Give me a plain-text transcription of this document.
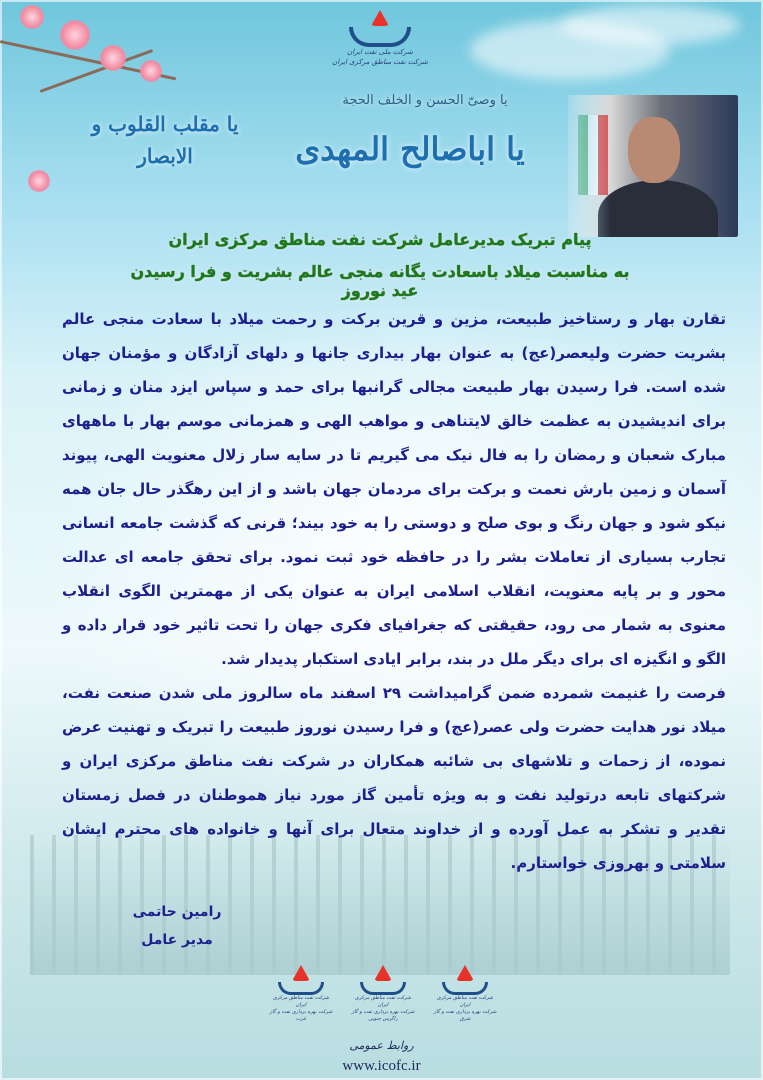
شرکت ملی نفت ایران
شرکت نفت مناطق مرکزی ایران
یا وصیّ الحسن و الخلف الحجة
یا اباصالح المهدی
یا مقلب القلوب و الابصار
پیام تبریک مدیرعامل شرکت نفت مناطق مرکزی ایران
به مناسبت میلاد باسعادت یگانه منجی عالم بشریت و فرا رسیدن عید نوروز

تقارن بهار و رستاخیز طبیعت، مزین و قرین برکت و رحمت میلاد با سعادت منجی عالم بشریت حضرت ولیعصر(عج) به عنوان بهار بیداری جانها و دلهای آزادگان و مؤمنان جهان شده است. فرا رسیدن بهار طبیعت مجالی گرانبها برای حمد و سپاس ایزد منان و زمانی برای اندیشیدن به عظمت خالق لایتناهی و مواهب الهی و همزمانی موسم بهار با ماههای مبارک شعبان و رمضان را به فال نیک می گیریم تا در سایه سار زلال معنویت الهی، پیوند آسمان و زمین بارش نعمت و برکت برای مردمان جهان باشد و از این رهگذر حال جان همه نیکو شود و جهان رنگ و بوی صلح و دوستی را به خود بیند؛ قرنی که گذشت جامعه انسانی تجارب بسیاری از تعاملات بشر را در حافظه خود ثبت نمود. برای تحقق جامعه ای عدالت محور و بر پایه معنویت، انقلاب اسلامی ایران به عنوان یکی از مهمترین الگوی انقلاب معنوی به شمار می رود، حقیقتی که جغرافیای فکری جهان را تحت تاثیر خود قرار داده و الگو و انگیزه ای برای دیگر ملل در بند، برابر ایادی استکبار پدیدار شد.

فرصت را غنیمت شمرده ضمن گرامیداشت ۲۹ اسفند ماه سالروز ملی شدن صنعت نفت، میلاد نور هدایت حضرت ولی عصر(عج) و فرا رسیدن نوروز طبیعت را تبریک و تهنیت عرض نموده، از زحمات و تلاشهای بی شائبه همکاران در شرکت نفت مناطق مرکزی ایران و شرکتهای تابعه درتولید نفت و به ویژه تأمین گاز مورد نیاز هموطنان در فصل زمستان تقدیر و تشکر به عمل آورده و از خداوند متعال برای آنها و خانواده های محترم ایشان سلامتی و بهروزی خواستارم.

رامین حاتمی
مدیر عامل
شرکت نفت مناطق مرکزی ایران
شرکت بهره برداری نفت و گاز شرق
شرکت نفت مناطق مرکزی ایران
شرکت بهره برداری نفت و گاز زاگرس جنوبی
شرکت نفت مناطق مرکزی ایران
شرکت بهره برداری نفت و گاز غرب
روابط عمومی
www.icofc.ir
